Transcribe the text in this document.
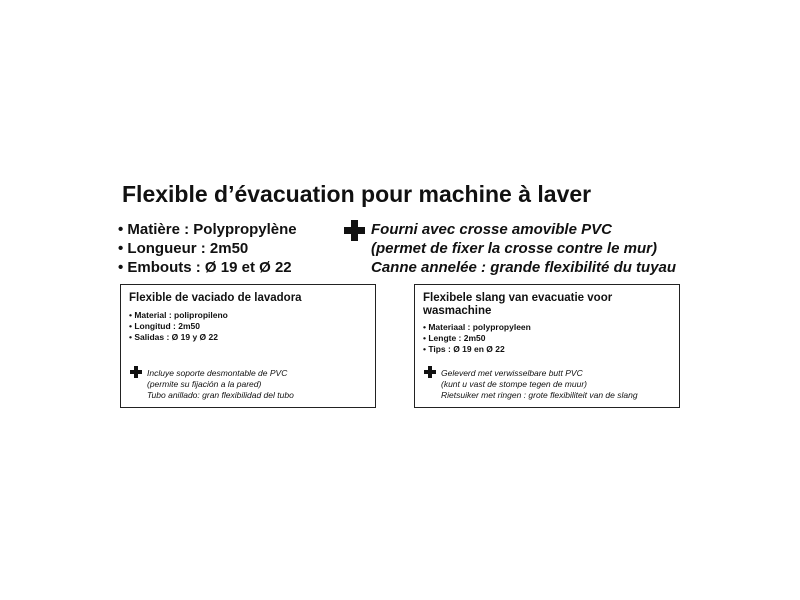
Flexible d’évacuation pour machine à laver
• Matière : Polypropylène
• Longueur : 2m50
• Embouts : Ø 19 et Ø 22
Fourni avec crosse amovible PVC
(permet de fixer la crosse contre le mur)
Canne annelée : grande flexibilité du tuyau
Flexible de vaciado de lavadora
• Material : polipropileno
• Longitud : 2m50
• Salidas : Ø 19 y Ø 22
Incluye soporte desmontable de PVC
(permite su fijación a la pared)
Tubo anillado: gran flexibilidad del tubo
Flexibele slang van evacuatie voor
wasmachine
• Materiaal : polypropyleen
• Lengte : 2m50
• Tips : Ø 19 en Ø 22
Geleverd met verwisselbare butt PVC
(kunt u vast de stompe tegen de muur)
Rietsuiker met ringen : grote flexibiliteit van de slang
